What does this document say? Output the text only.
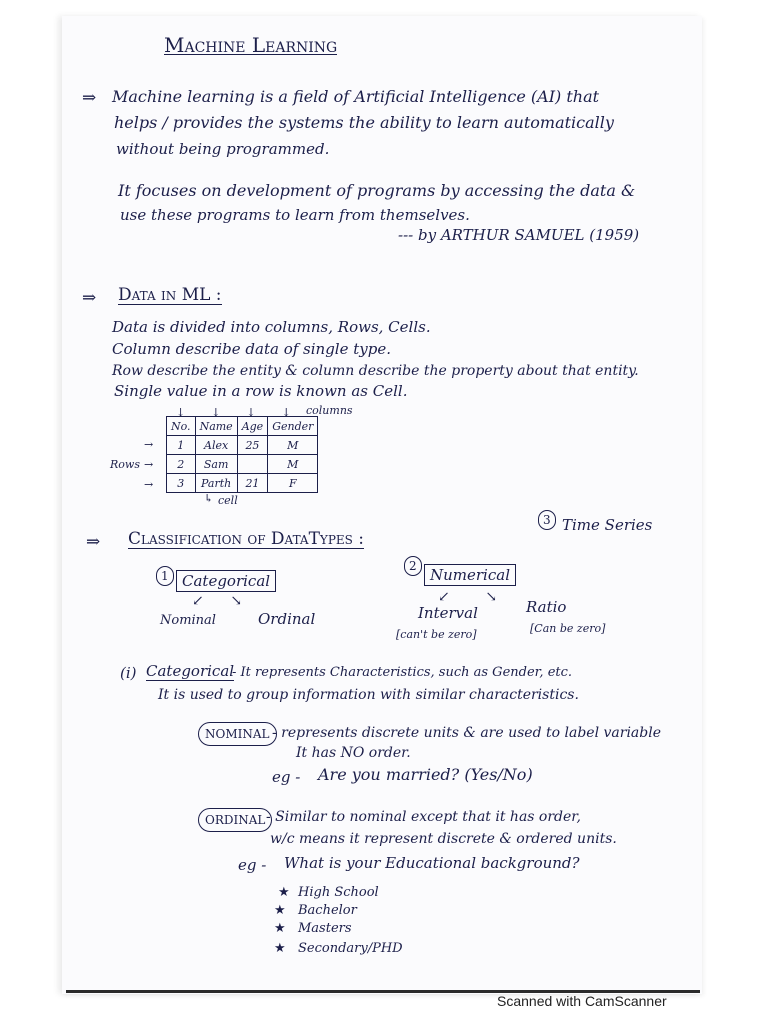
Machine Learning
⇒ Machine learning is a field of Artificial Intelligence (AI) that
helps / provides the systems the ability to learn automatically
without being programmed.
It focuses on development of programs by accessing the data &
use these programs to learn from themselves.
--- by ARTHUR SAMUEL (1959)
⇒ Data in ML :
Data is divided into columns, Rows, Cells.
Column describe data of single type.
Row describe the entity & column describe the property about that entity.
Single value in a row is known as Cell.
columns
↓↓↓↓
No.	Name	Age	Gender
1	Alex	25	M
2	Sam		M
3	Parth	21	F
→
Rows →
→
↳ cell
⇒ Classification of DataTypes :
3 Time Series
1 Categorical
↙      ↘
Nominal	Ordinal
2 Numerical
↙        ↘
Interval
[can't be zero]
Ratio
[Can be zero]
(i) Categorical
- It represents Characteristics, such as Gender, etc.
It is used to group information with similar characteristics.
NOMINAL - represents discrete units & are used to label variable
It has NO order.
eg - Are you married? (Yes/No)
ORDINAL - Similar to nominal except that it has order,
w/c means it represent discrete & ordered units.
eg - What is your Educational background?
★ High School
★ Bachelor
★ Masters
★ Secondary/PHD
Scanned with CamScanner
